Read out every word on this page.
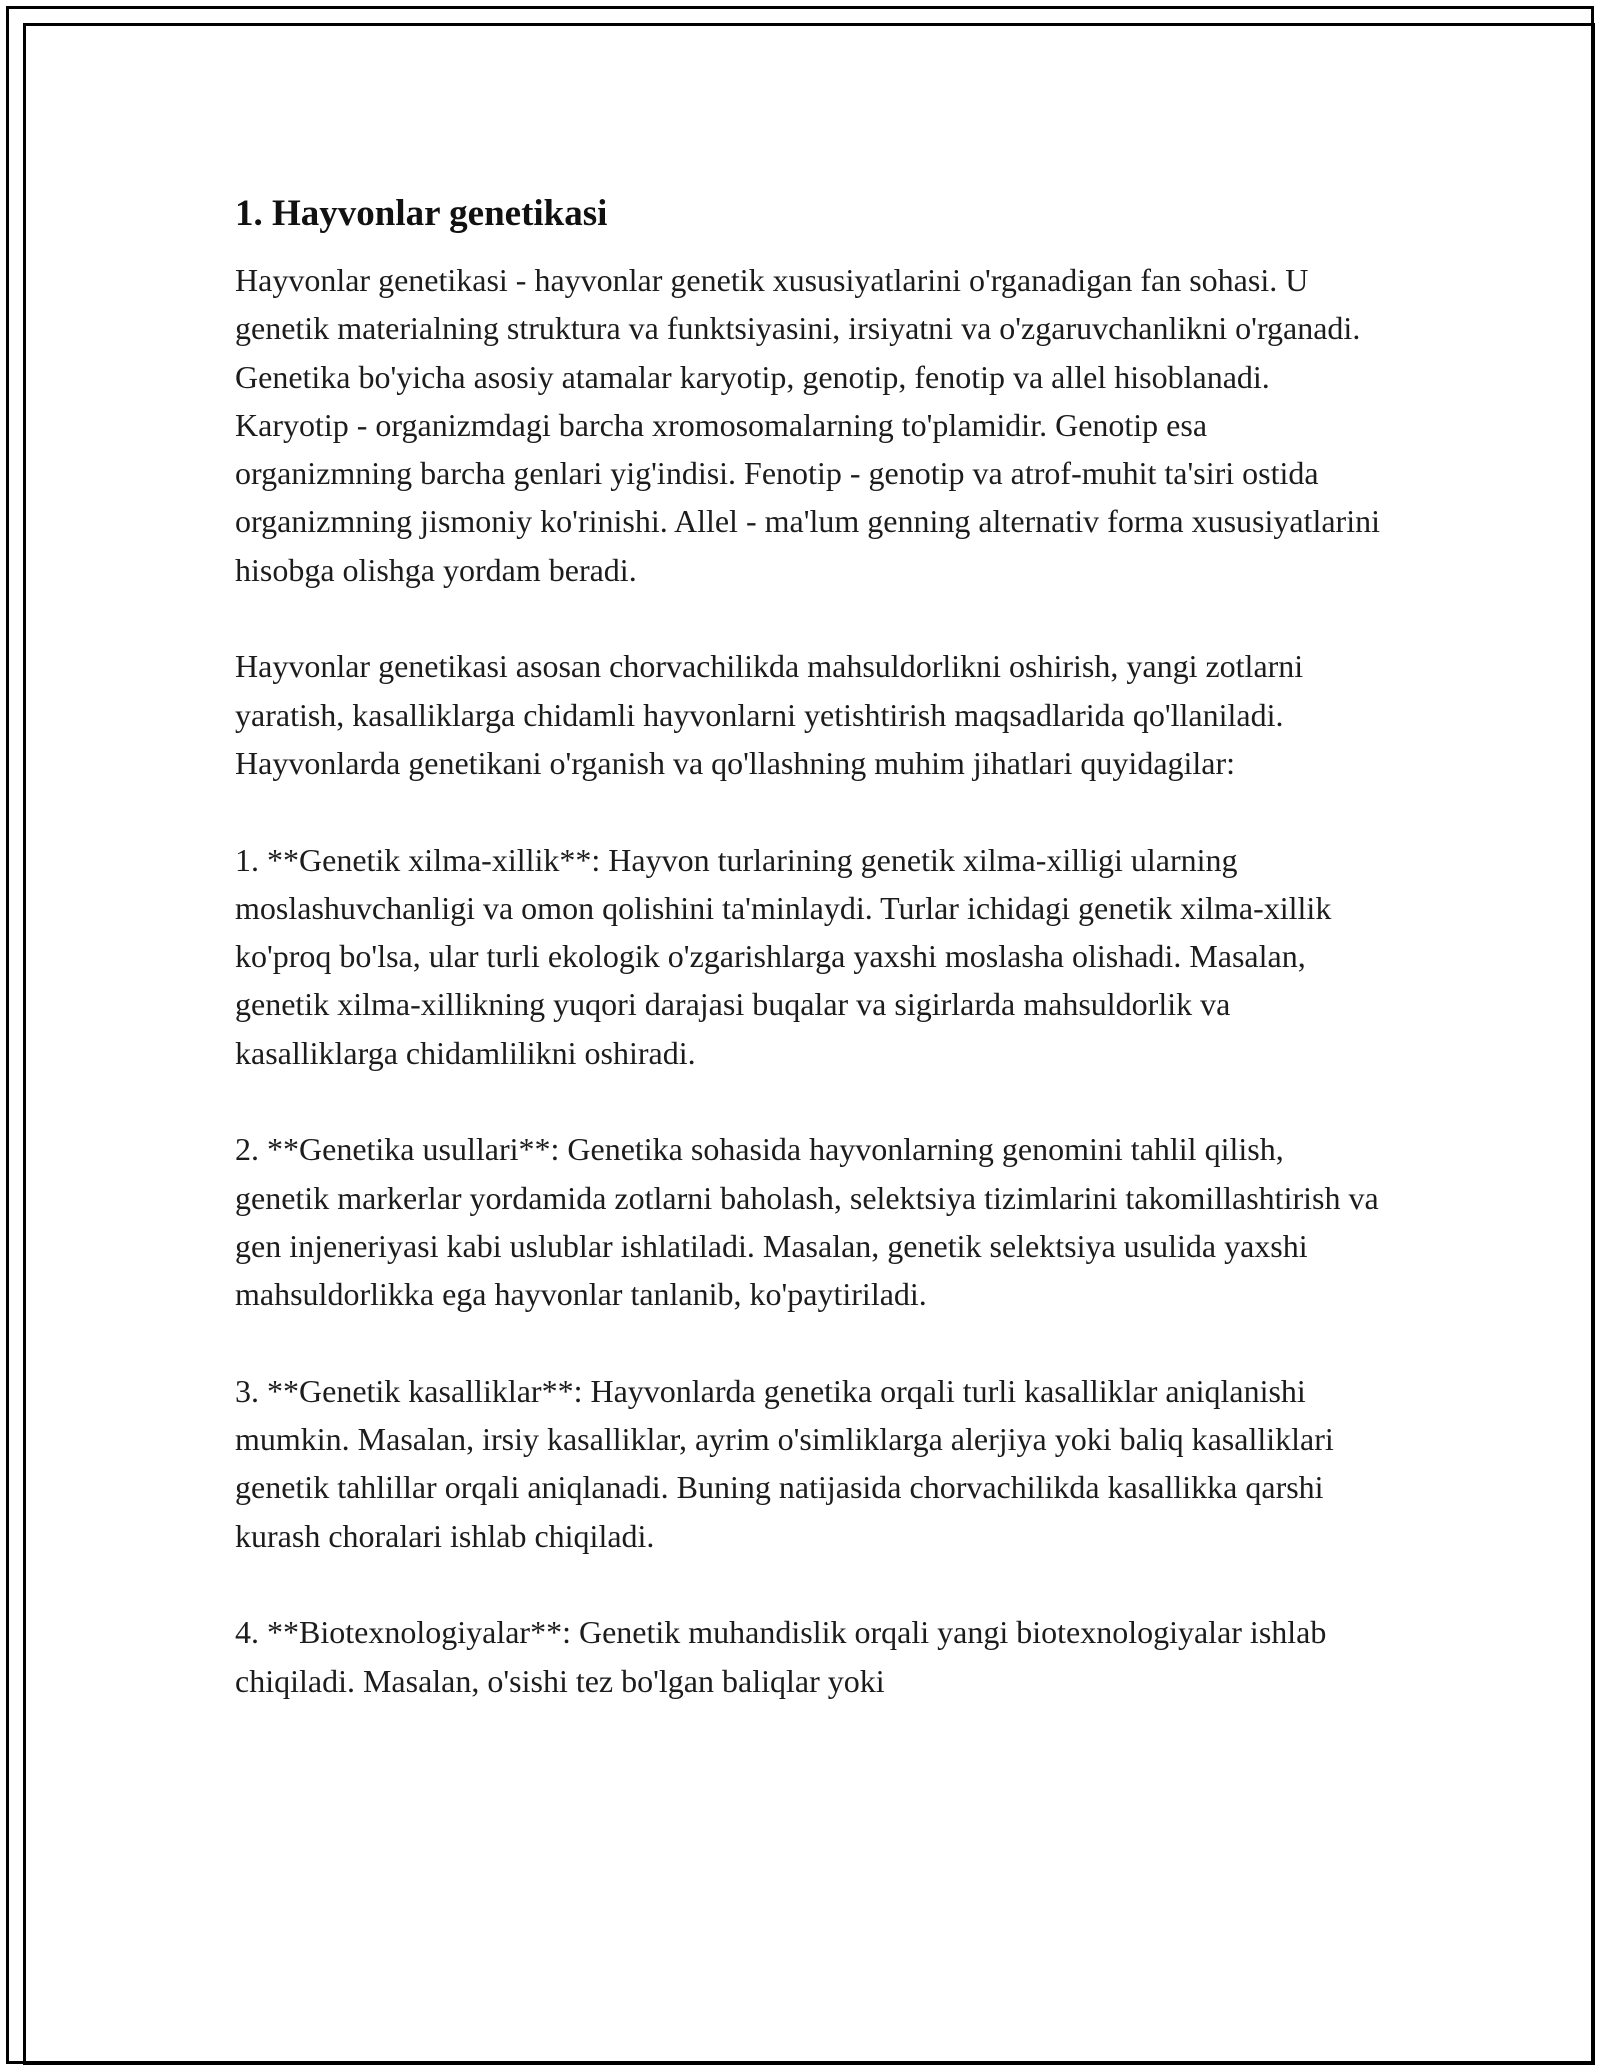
1. Hayvonlar genetikasi

Hayvonlar genetikasi - hayvonlar genetik xususiyatlarini o'rganadigan fan sohasi. U genetik materialning struktura va funktsiyasini, irsiyatni va o'zgaruvchanlikni o'rganadi. Genetika bo'yicha asosiy atamalar karyotip, genotip, fenotip va allel hisoblanadi. Karyotip - organizmdagi barcha xromosomalarning to'plamidir. Genotip esa organizmning barcha genlari yig'indisi. Fenotip - genotip va atrof-muhit ta'siri ostida organizmning jismoniy ko'rinishi. Allel - ma'lum genning alternativ forma xususiyatlarini hisobga olishga yordam beradi.

Hayvonlar genetikasi asosan chorvachilikda mahsuldorlikni oshirish, yangi zotlarni yaratish, kasalliklarga chidamli hayvonlarni yetishtirish maqsadlarida qo'llaniladi. Hayvonlarda genetikani o'rganish va qo'llashning muhim jihatlari quyidagilar:

1. **Genetik xilma-xillik**: Hayvon turlarining genetik xilma-xilligi ularning moslashuvchanligi va omon qolishini ta'minlaydi. Turlar ichidagi genetik xilma-xillik ko'proq bo'lsa, ular turli ekologik o'zgarishlarga yaxshi moslasha olishadi. Masalan, genetik xilma-xillikning yuqori darajasi buqalar va sigirlarda mahsuldorlik va kasalliklarga chidamlilikni oshiradi.

2. **Genetika usullari**: Genetika sohasida hayvonlarning genomini tahlil qilish, genetik markerlar yordamida zotlarni baholash, selektsiya tizimlarini takomillashtirish va gen injeneriyasi kabi uslublar ishlatiladi. Masalan, genetik selektsiya usulida yaxshi mahsuldorlikka ega hayvonlar tanlanib, ko'paytiriladi.

3. **Genetik kasalliklar**: Hayvonlarda genetika orqali turli kasalliklar aniqlanishi mumkin. Masalan, irsiy kasalliklar, ayrim o'simliklarga alerjiya yoki baliq kasalliklari genetik tahlillar orqali aniqlanadi. Buning natijasida chorvachilikda kasallikka qarshi kurash choralari ishlab chiqiladi.

4. **Biotexnologiyalar**: Genetik muhandislik orqali yangi biotexnologiyalar ishlab chiqiladi. Masalan, o'sishi tez bo'lgan baliqlar yoki
